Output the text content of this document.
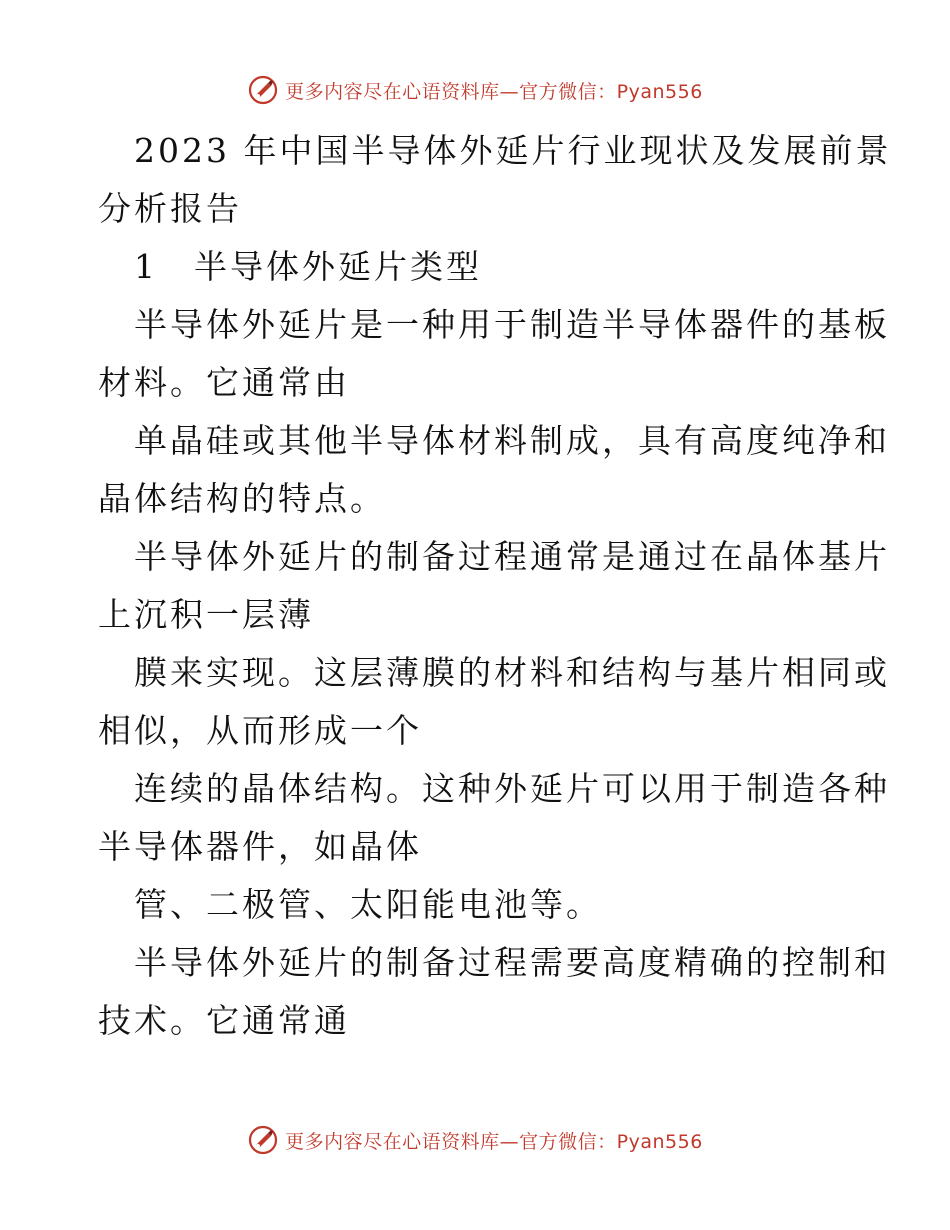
更多内容尽在心语资料库—官方微信：Pyan556
2023 年中国半导体外延片行业现状及发展前景
分析报告
1　半导体外延片类型
半导体外延片是一种用于制造半导体器件的基板
材料。它通常由
单晶硅或其他半导体材料制成，具有高度纯净和
晶体结构的特点。
半导体外延片的制备过程通常是通过在晶体基片
上沉积一层薄
膜来实现。这层薄膜的材料和结构与基片相同或
相似，从而形成一个
连续的晶体结构。这种外延片可以用于制造各种
半导体器件，如晶体
管、二极管、太阳能电池等。
半导体外延片的制备过程需要高度精确的控制和
技术。它通常通
更多内容尽在心语资料库—官方微信：Pyan556
